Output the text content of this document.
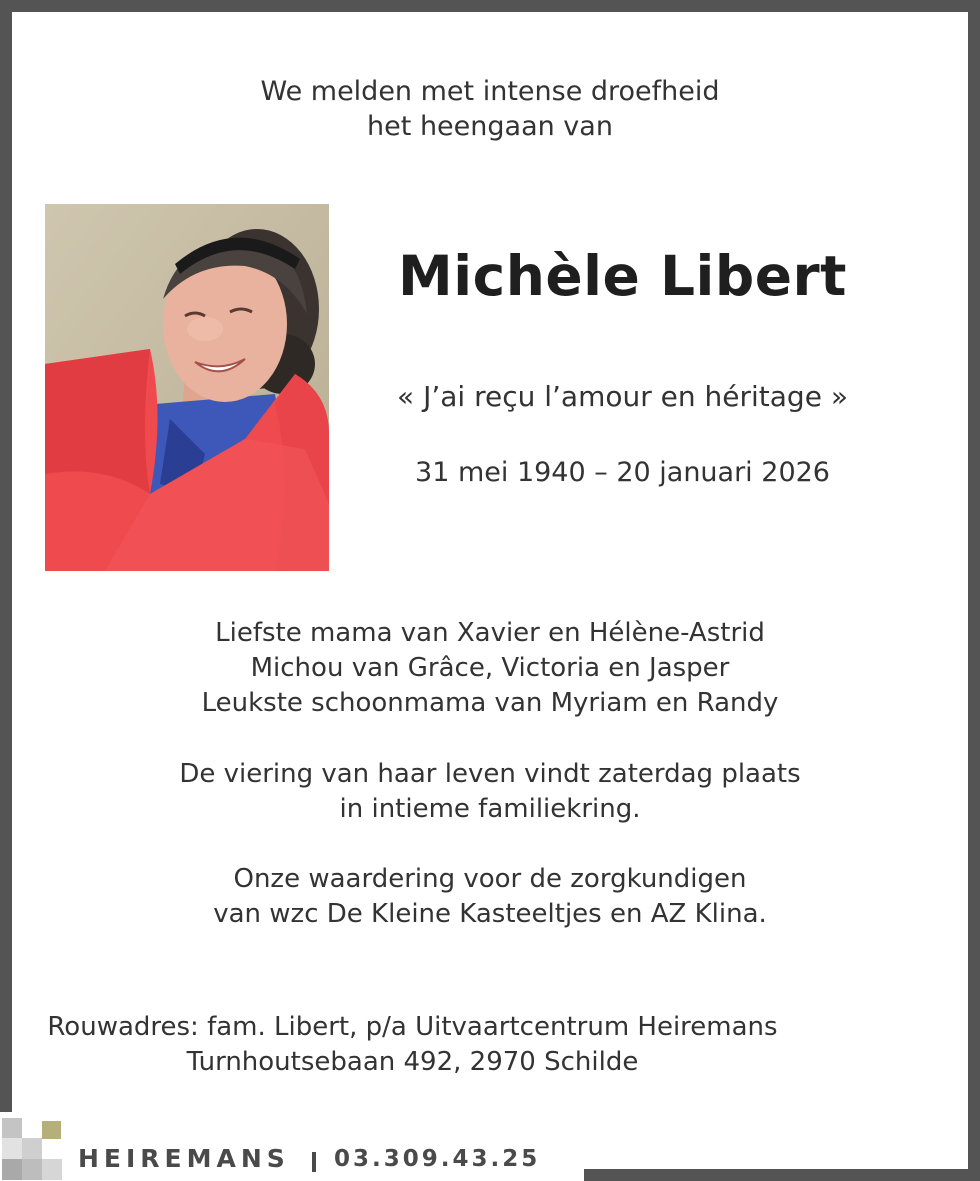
We melden met intense droefheid
het heengaan van
Michèle Libert
« J’ai reçu l’amour en héritage »
31 mei 1940 – 20 januari 2026
Liefste mama van Xavier en Hélène-Astrid
Michou van Grâce, Victoria en Jasper
Leukste schoonmama van Myriam en Randy
De viering van haar leven vindt zaterdag plaats
in intieme familiekring.
Onze waardering voor de zorgkundigen
van wzc De Kleine Kasteeltjes en AZ Klina.
Rouwadres: fam. Libert, p/a Uitvaartcentrum Heiremans
Turnhoutsebaan 492, 2970 Schilde
HEIREMANS 03.309.43.25
